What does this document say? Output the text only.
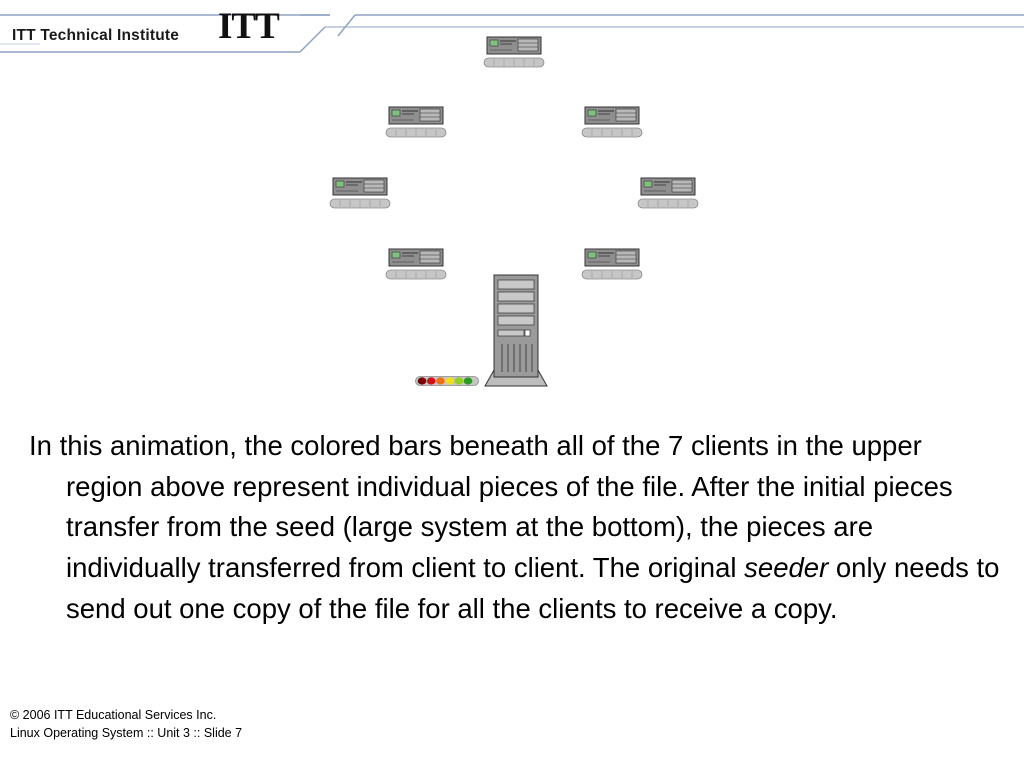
ITT Technical Institute ITT

In this animation, the colored bars beneath all of the 7 clients in the upper region above represent individual pieces of the file. After the initial pieces transfer from the seed (large system at the bottom), the pieces are individually transferred from client to client. The original seeder only needs to send out one copy of the file for all the clients to receive a copy.

© 2006 ITT Educational Services Inc.
Linux Operating System :: Unit 3 :: Slide 7
